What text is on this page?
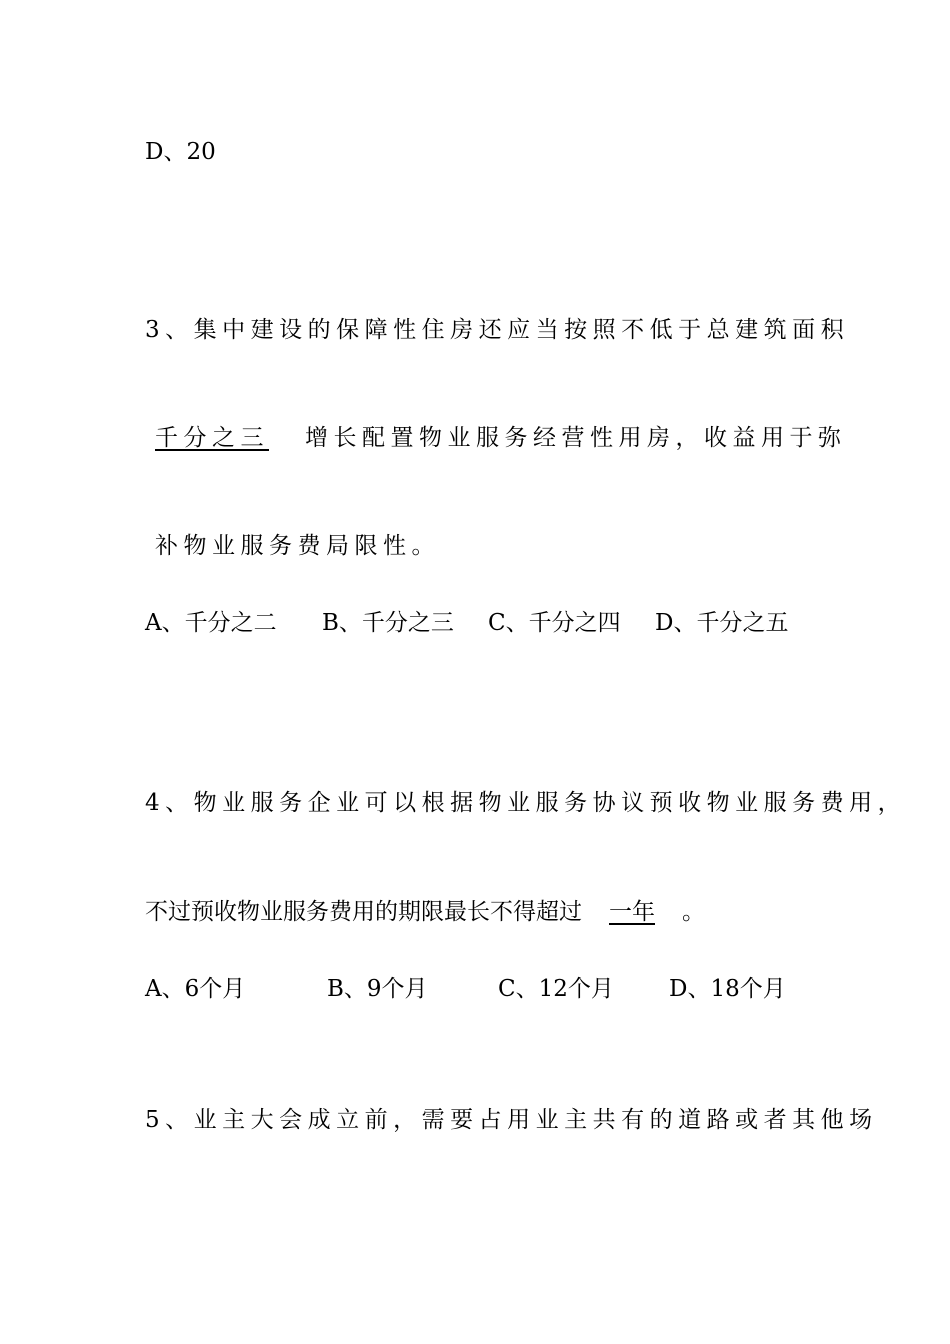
D、20
3、集中建设的保障性住房还应当按照不低于总建筑面积
千分之三 增长配置物业服务经营性用房，收益用于弥
补物业服务费局限性。
A、千分之二 B、千分之三 C、千分之四 D、千分之五
4、物业服务企业可以根据物业服务协议预收物业服务费用，
不过预收物业服务费用的期限最长不得超过 一年 。
A、6个月	B、9个月	C、12个月 D、18个月
5、业主大会成立前，需要占用业主共有的道路或者其他场
